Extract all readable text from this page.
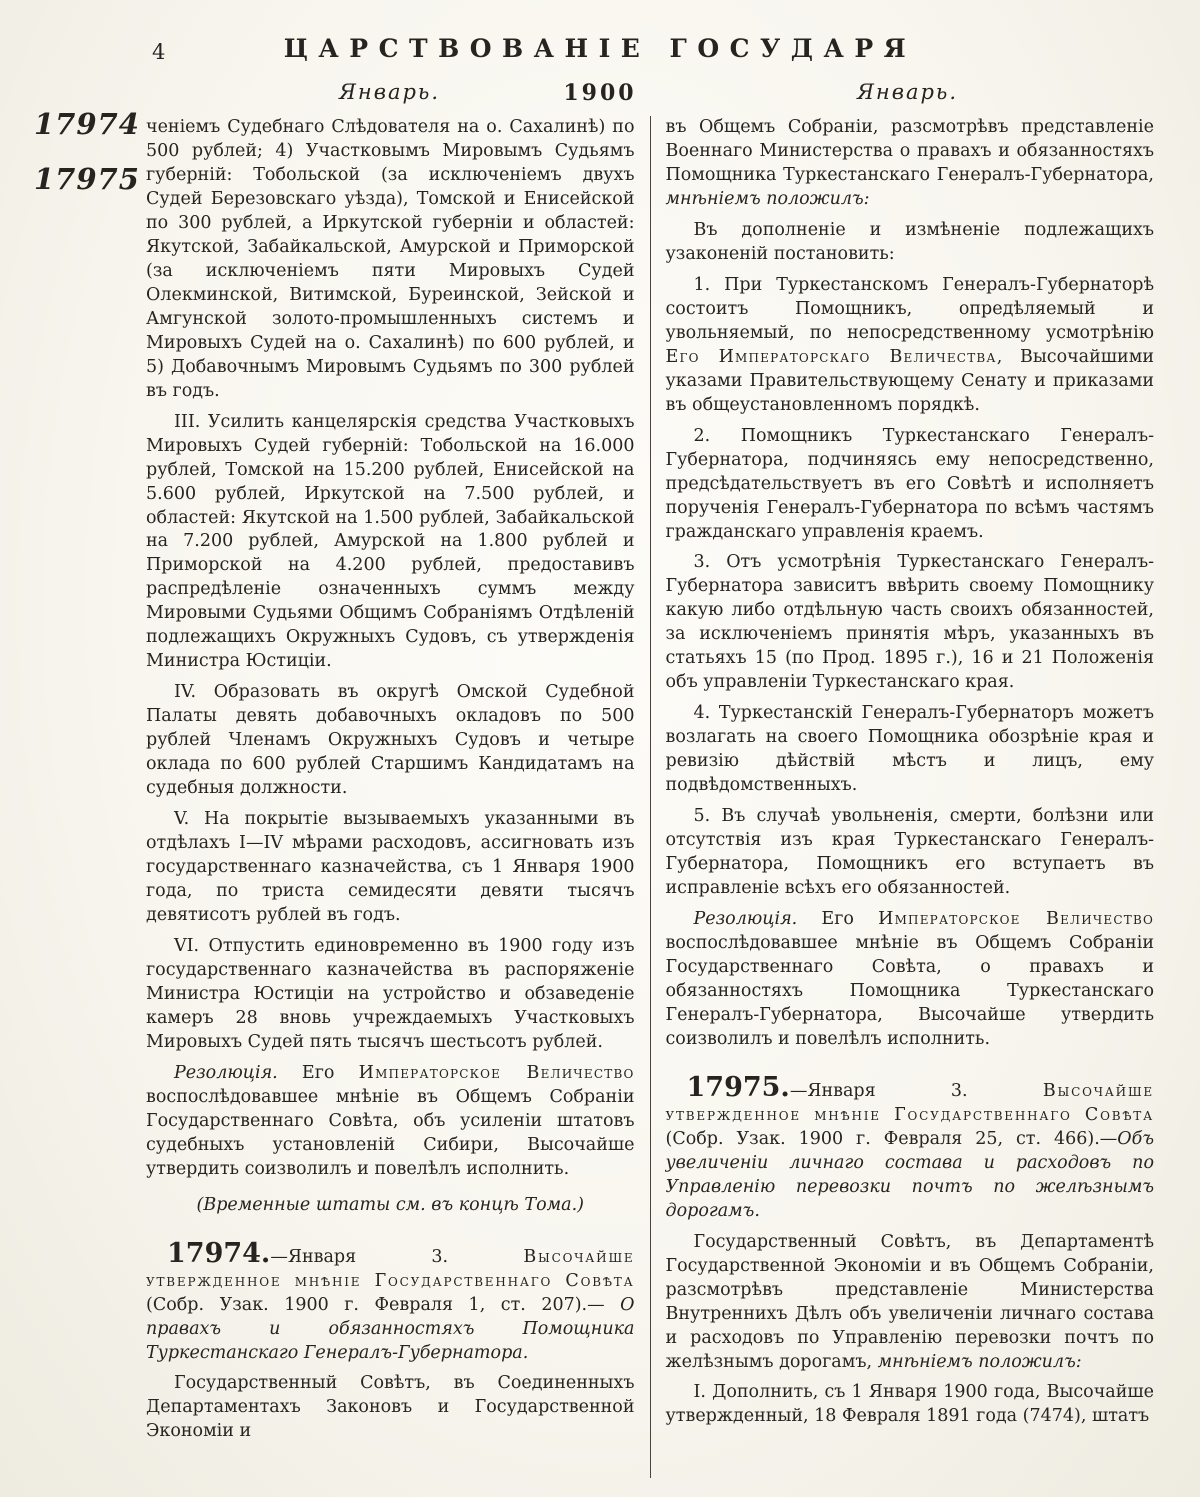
4	ЦАРСТВОВАНІЕ ГОСУДАРЯ
Январь.	1900	Январь.
17974
17975

ченіемъ Судебнаго Слѣдователя на о. Сахалинѣ) по 500 рублей; 4) Участковымъ Мировымъ Судьямъ губерній: Тобольской (за исключеніемъ двухъ Судей Березовскаго уѣзда), Томской и Енисейской по 300 рублей, а Иркутской губерніи и областей: Якутской, Забайкальской, Амурской и Приморской (за исключеніемъ пяти Мировыхъ Судей Олекминской, Витимской, Буреинской, Зейской и Амгунской золото-промышленныхъ системъ и Мировыхъ Судей на о. Сахалинѣ) по 600 рублей, и 5) Добавочнымъ Мировымъ Судьямъ по 300 рублей въ годъ.

III. Усилить канцелярскія средства Участковыхъ Мировыхъ Судей губерній: Тобольской на 16.000 рублей, Томской на 15.200 рублей, Енисейской на 5.600 рублей, Иркутской на 7.500 рублей, и областей: Якутской на 1.500 рублей, Забайкальской на 7.200 рублей, Амурской на 1.800 рублей и Приморской на 4.200 рублей, предоставивъ распредѣленіе означенныхъ суммъ между Мировыми Судьями Общимъ Собраніямъ Отдѣленій подлежащихъ Окружныхъ Судовъ, съ утвержденія Министра Юстиціи.

IV. Образовать въ округѣ Омской Судебной Палаты девять добавочныхъ окладовъ по 500 рублей Членамъ Окружныхъ Судовъ и четыре оклада по 600 рублей Старшимъ Кандидатамъ на судебныя должности.

V. На покрытіе вызываемыхъ указанными въ отдѣлахъ I—IV мѣрами расходовъ, ассигновать изъ государственнаго казначейства, съ 1 Января 1900 года, по триста семидесяти девяти тысячъ девятисотъ рублей въ годъ.

VI. Отпустить единовременно въ 1900 году изъ государственнаго казначейства въ распоряженіе Министра Юстиціи на устройство и обзаведеніе камеръ 28 вновь учреждаемыхъ Участковыхъ Мировыхъ Судей пять тысячъ шестьсотъ рублей.

Резолюція. Его Императорское Величество воспослѣдовавшее мнѣніе въ Общемъ Собраніи Государственнаго Совѣта, объ усиленіи штатовъ судебныхъ установленій Сибири, Высочайше утвердить соизволилъ и повелѣлъ исполнить.

(Временные штаты см. въ концѣ Тома.)

17974.—Января 3. Высочайше утвержденное мнѣніе Государственнаго Совѣта (Собр. Узак. 1900 г. Февраля 1, ст. 207).— О правахъ и обязанностяхъ Помощника Туркестанскаго Генералъ-Губернатора.

Государственный Совѣтъ, въ Соединенныхъ Департаментахъ Законовъ и Государственной Экономіи и

въ Общемъ Собраніи, разсмотрѣвъ представленіе Военнаго Министерства о правахъ и обязанностяхъ Помощника Туркестанскаго Генералъ-Губернатора, мнѣніемъ положилъ:

Въ дополненіе и измѣненіе подлежащихъ узаконеній постановить:

1. При Туркестанскомъ Генералъ-Губернаторѣ состоитъ Помощникъ, опредѣляемый и увольняемый, по непосредственному усмотрѣнію Его Императорскаго Величества, Высочайшими указами Правительствующему Сенату и приказами въ общеустановленномъ порядкѣ.

2. Помощникъ Туркестанскаго Генералъ-Губернатора, подчиняясь ему непосредственно, предсѣдательствуетъ въ его Совѣтѣ и исполняетъ порученія Генералъ-Губернатора по всѣмъ частямъ гражданскаго управленія краемъ.

3. Отъ усмотрѣнія Туркестанскаго Генералъ-Губернатора зависитъ ввѣрить своему Помощнику какую либо отдѣльную часть своихъ обязанностей, за исключеніемъ принятія мѣръ, указанныхъ въ статьяхъ 15 (по Прод. 1895 г.), 16 и 21 Положенія объ управленіи Туркестанскаго края.

4. Туркестанскій Генералъ-Губернаторъ можетъ возлагать на своего Помощника обозрѣніе края и ревизію дѣйствій мѣстъ и лицъ, ему подвѣдомственныхъ.

5. Въ случаѣ увольненія, смерти, болѣзни или отсутствія изъ края Туркестанскаго Генералъ-Губернатора, Помощникъ его вступаетъ въ исправленіе всѣхъ его обязанностей.

Резолюція. Его Императорское Величество воспослѣдовавшее мнѣніе въ Общемъ Собраніи Государственнаго Совѣта, о правахъ и обязанностяхъ Помощника Туркестанскаго Генералъ-Губернатора, Высочайше утвердить соизволилъ и повелѣлъ исполнить.

17975.—Января 3. Высочайше утвержденное мнѣніе Государственнаго Совѣта (Собр. Узак. 1900 г. Февраля 25, ст. 466).—Объ увеличеніи личнаго состава и расходовъ по Управленію перевозки почтъ по желѣзнымъ дорогамъ.

Государственный Совѣтъ, въ Департаментѣ Государственной Экономіи и въ Общемъ Собраніи, разсмотрѣвъ представленіе Министерства Внутреннихъ Дѣлъ объ увеличеніи личнаго состава и расходовъ по Управленію перевозки почтъ по желѣзнымъ дорогамъ, мнѣніемъ положилъ:

I. Дополнить, съ 1 Января 1900 года, Высочайше утвержденный, 18 Февраля 1891 года (7474), штатъ
